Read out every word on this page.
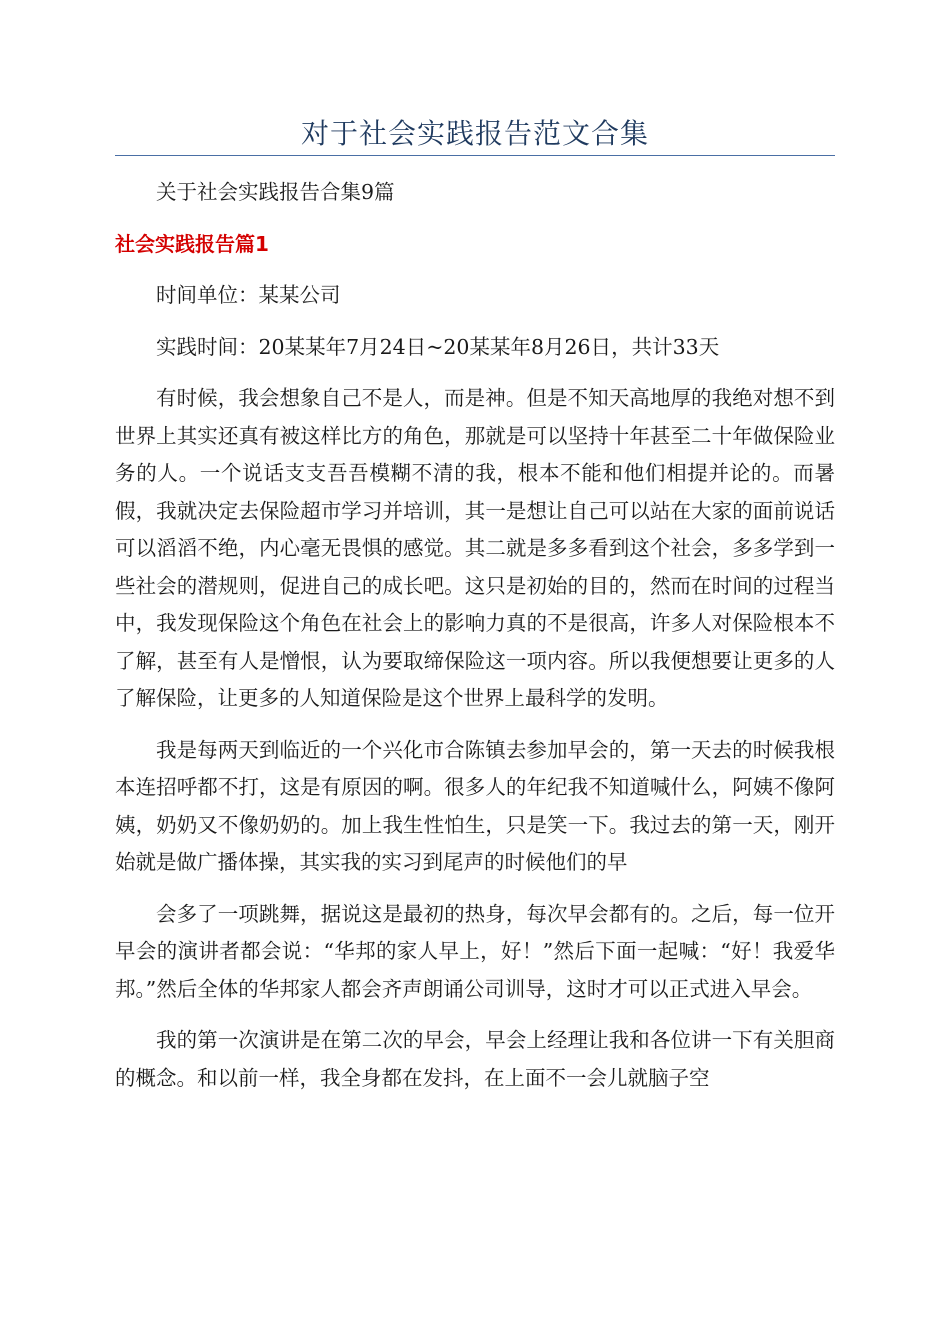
对于社会实践报告范文合集

关于社会实践报告合集9篇

社会实践报告篇1

时间单位：某某公司

实践时间：20某某年7月24日~20某某年8月26日，共计33天

有时候，我会想象自己不是人，而是神。但是不知天高地厚的我绝对想不到世界上其实还真有被这样比方的角色，那就是可以坚持十年甚至二十年做保险业务的人。一个说话支支吾吾模糊不清的我，根本不能和他们相提并论的。而暑假，我就决定去保险超市学习并培训，其一是想让自己可以站在大家的面前说话可以滔滔不绝，内心毫无畏惧的感觉。其二就是多多看到这个社会，多多学到一些社会的潜规则，促进自己的成长吧。这只是初始的目的，然而在时间的过程当中，我发现保险这个角色在社会上的影响力真的不是很高，许多人对保险根本不了解，甚至有人是憎恨，认为要取缔保险这一项内容。所以我便想要让更多的人了解保险，让更多的人知道保险是这个世界上最科学的发明。

我是每两天到临近的一个兴化市合陈镇去参加早会的，第一天去的时候我根本连招呼都不打，这是有原因的啊。很多人的年纪我不知道喊什么，阿姨不像阿姨，奶奶又不像奶奶的。加上我生性怕生，只是笑一下。我过去的第一天，刚开始就是做广播体操，其实我的实习到尾声的时候他们的早

会多了一项跳舞，据说这是最初的热身，每次早会都有的。之后，每一位开早会的演讲者都会说：“华邦的家人早上，好！”然后下面一起喊：“好！我爱华邦。”然后全体的华邦家人都会齐声朗诵公司训导，这时才可以正式进入早会。

我的第一次演讲是在第二次的早会，早会上经理让我和各位讲一下有关胆商的概念。和以前一样，我全身都在发抖，在上面不一会儿就脑子空
